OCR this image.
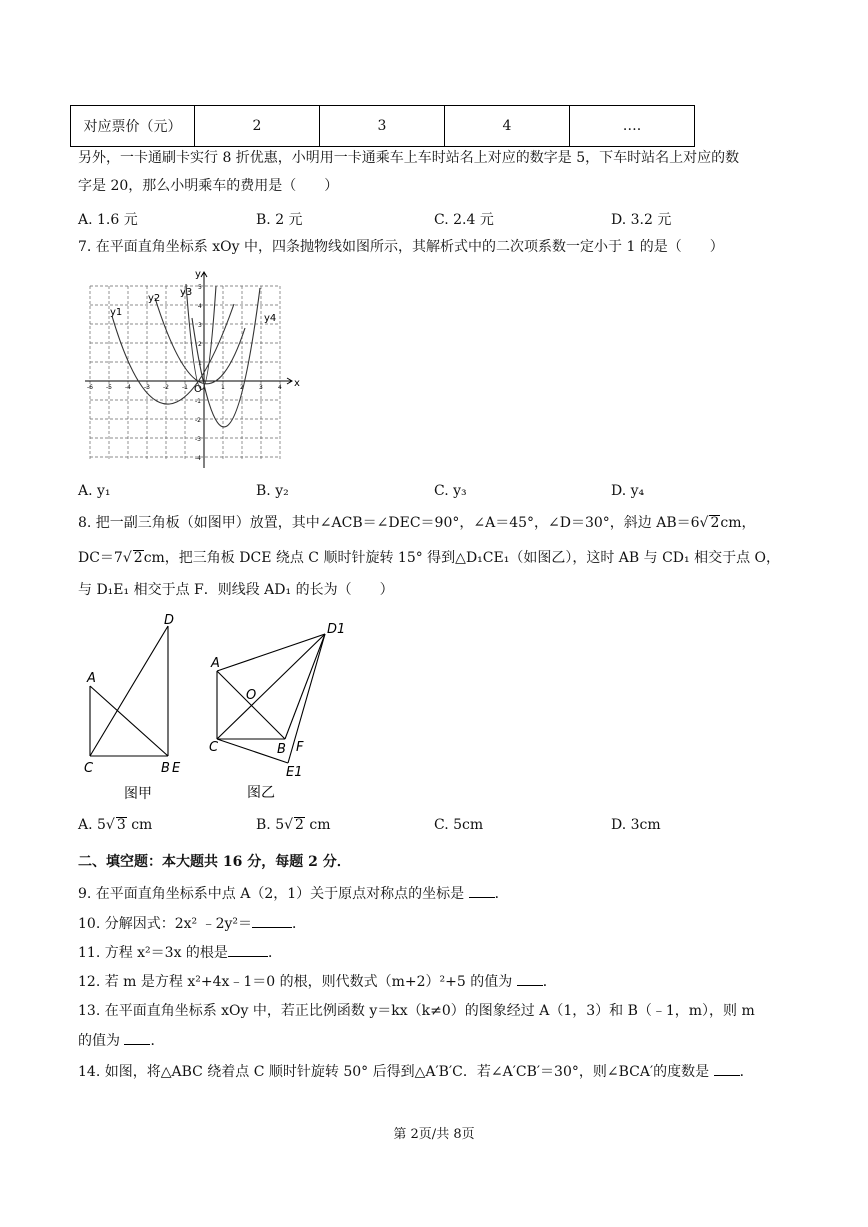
对应票价（元）	2	3	4	….
另外，一卡通刷卡实行 8 折优惠，小明用一卡通乘车上车时站名上对应的数字是 5，下车时站名上对应的数
字是 20，那么小明乘车的费用是（　　）
A. 1.6 元	B. 2 元	C. 2.4 元	D. 3.2 元
7. 在平面直角坐标系 xOy 中，四条抛物线如图所示，其解析式中的二次项系数一定小于 1 的是（　　）
x
y
O
-6 -5 -4 -3 -2 -1	1	2	3	4
5
4
3
2
1
-1
-2
-3
-4
y1
y2
y3
y4
A. y₁	B. y₂	C. y₃	D. y₄
8. 把一副三角板（如图甲）放置，其中∠ACB＝∠DEC＝90°，∠A＝45°，∠D＝30°，斜边 AB＝6√ 2cm，
DC＝7√ 2cm，把三角板 DCE 绕点 C 顺时针旋转 15° 得到△D₁CE₁（如图乙），这时 AB 与 CD₁ 相交于点 O，
与 D₁E₁ 相交于点 F．则线段 AD₁ 的长为（　　）
D
A
C	B E
图甲
D1
A
O
C	B F
E1
图乙
A. 5√ 3 cm	B. 5√ 2 cm	C. 5cm	D. 3cm
二、填空题：本大题共 16 分，每题 2 分．
9. 在平面直角坐标系中点 A（2，1）关于原点对称点的坐标是 ．
10. 分解因式：2x² ﹣2y²＝	．
11. 方程 x²＝3x 的根是	．
12. 若 m 是方程 x²+4x﹣1＝0 的根，则代数式（m+2）²+5 的值为 ．
13. 在平面直角坐标系 xOy 中，若正比例函数 y＝kx（k≠0）的图象经过 A（1，3）和 B（﹣1，m），则 m
的值为 ．
14. 如图，将△ABC 绕着点 C 顺时针旋转 50° 后得到△A′B′C．若∠A′CB′＝30°，则∠BCA′的度数是 ．
第 2页/共 8页
